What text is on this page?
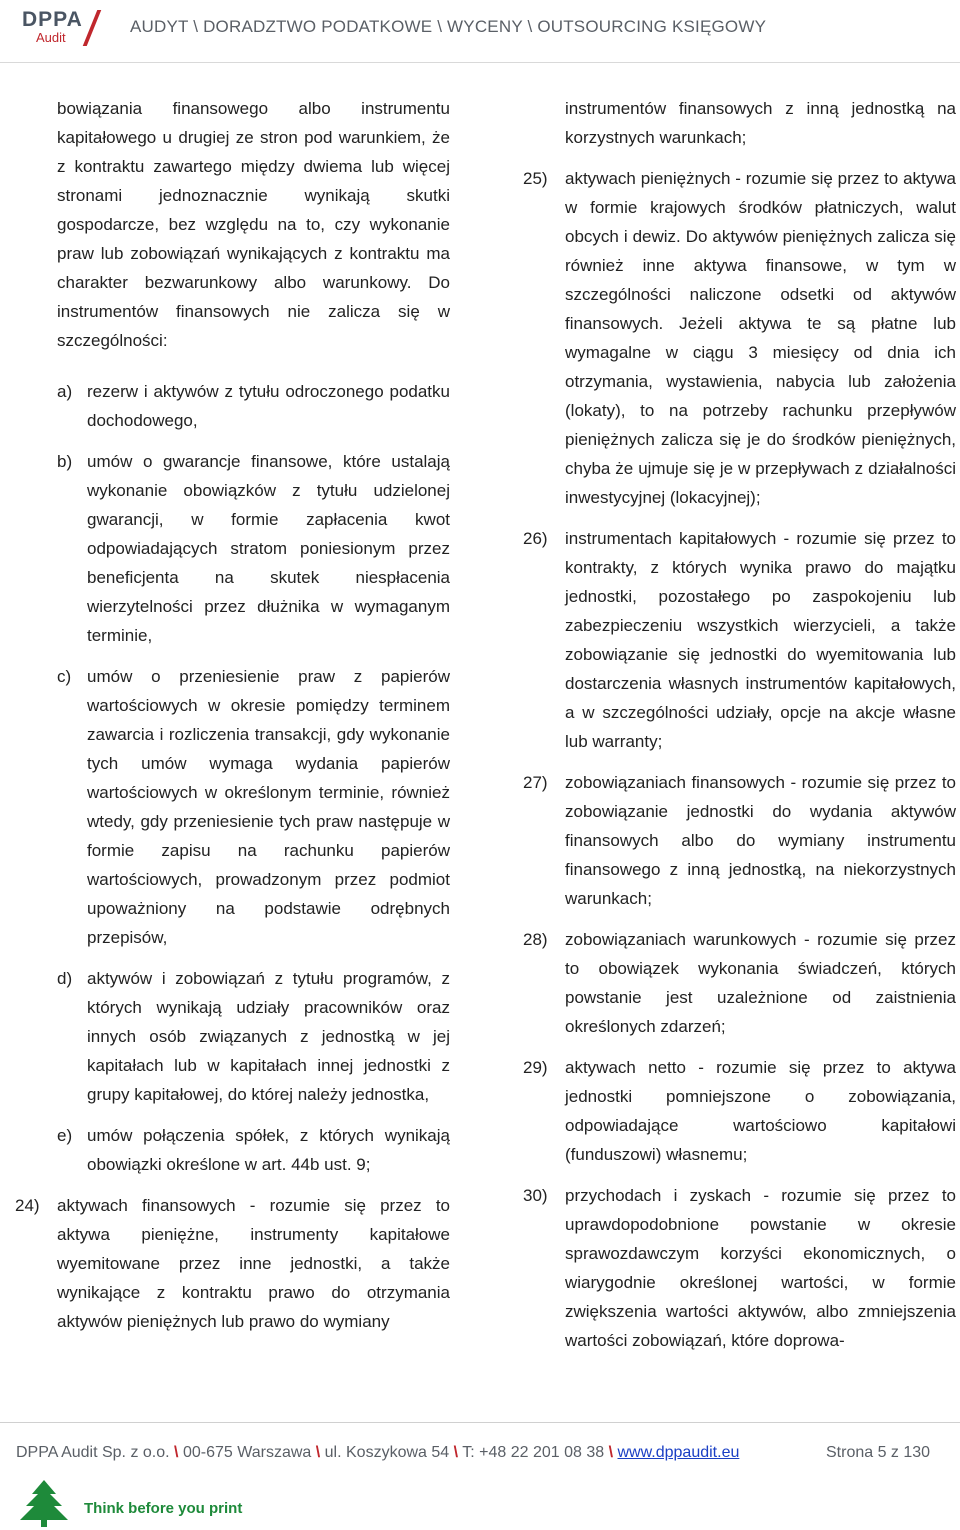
DPPA
Audit
AUDYT \ DORADZTWO PODATKOWE \ WYCENY \ OUTSOURCING KSIĘGOWY

bowiązania finansowego albo instrumentu kapitałowego u drugiej ze stron pod warunkiem, że z kontraktu zawartego między dwiema lub więcej stronami jednoznacznie wynikają skutki gospodarcze, bez względu na to, czy wykonanie praw lub zobowiązań wynikających z kontraktu ma charakter bezwarunkowy albo warunkowy. Do instrumentów finansowych nie zalicza się w szczególności:

a) rezerw i aktywów z tytułu odroczonego podatku dochodowego,
b) umów o gwarancje finansowe, które ustalają wykonanie obowiązków z tytułu udzielonej gwarancji, w formie zapłacenia kwot odpowiadających stratom poniesionym przez beneficjenta na skutek niespłacenia wierzytelności przez dłużnika w wymaganym terminie,
c) umów o przeniesienie praw z papierów wartościowych w okresie pomiędzy terminem zawarcia i rozliczenia transakcji, gdy wykonanie tych umów wymaga wydania papierów wartościowych w określonym terminie, również wtedy, gdy przeniesienie tych praw następuje w formie zapisu na rachunku papierów wartościowych, prowadzonym przez podmiot upoważniony na podstawie odrębnych przepisów,
d) aktywów i zobowiązań z tytułu programów, z których wynikają udziały pracowników oraz innych osób związanych z jednostką w jej kapitałach lub w kapitałach innej jednostki z grupy kapitałowej, do której należy jednostka,
e) umów połączenia spółek, z których wynikają obowiązki określone w art. 44b ust. 9;
24) aktywach finansowych - rozumie się przez to aktywa pieniężne, instrumenty kapitałowe wyemitowane przez inne jednostki, a także wynikające z kontraktu prawo do otrzymania aktywów pieniężnych lub prawo do wymiany

instrumentów finansowych z inną jednostką na korzystnych warunkach;

25) aktywach pieniężnych - rozumie się przez to aktywa w formie krajowych środków płatniczych, walut obcych i dewiz. Do aktywów pieniężnych zalicza się również inne aktywa finansowe, w tym w szczególności naliczone odsetki od aktywów finansowych. Jeżeli aktywa te są płatne lub wymagalne w ciągu 3 miesięcy od dnia ich otrzymania, wystawienia, nabycia lub założenia (lokaty), to na potrzeby rachunku przepływów pieniężnych zalicza się je do środków pieniężnych, chyba że ujmuje się je w przepływach z działalności inwestycyjnej (lokacyjnej);
26) instrumentach kapitałowych - rozumie się przez to kontrakty, z których wynika prawo do majątku jednostki, pozostałego po zaspokojeniu lub zabezpieczeniu wszystkich wierzycieli, a także zobowiązanie się jednostki do wyemitowania lub dostarczenia własnych instrumentów kapitałowych, a w szczególności udziały, opcje na akcje własne lub warranty;
27) zobowiązaniach finansowych - rozumie się przez to zobowiązanie jednostki do wydania aktywów finansowych albo do wymiany instrumentu finansowego z inną jednostką, na niekorzystnych warunkach;
28) zobowiązaniach warunkowych - rozumie się przez to obowiązek wykonania świadczeń, których powstanie jest uzależnione od zaistnienia określonych zdarzeń;
29) aktywach netto - rozumie się przez to aktywa jednostki pomniejszone o zobowiązania, odpowiadające wartościowo kapitałowi (funduszowi) własnemu;
30) przychodach i zyskach - rozumie się przez to uprawdopodobnione powstanie w okresie sprawozdawczym korzyści ekonomicznych, o wiarygodnie określonej wartości, w formie zwiększenia wartości aktywów, albo zmniejszenia wartości zobowiązań, które doprowa-
DPPA Audit Sp. z o.o. \ 00-675 Warszawa \ ul. Koszykowa 54 \ T: +48 22 201 08 38 \ www.dppaudit.eu	Strona 5 z 130
Think before you print
